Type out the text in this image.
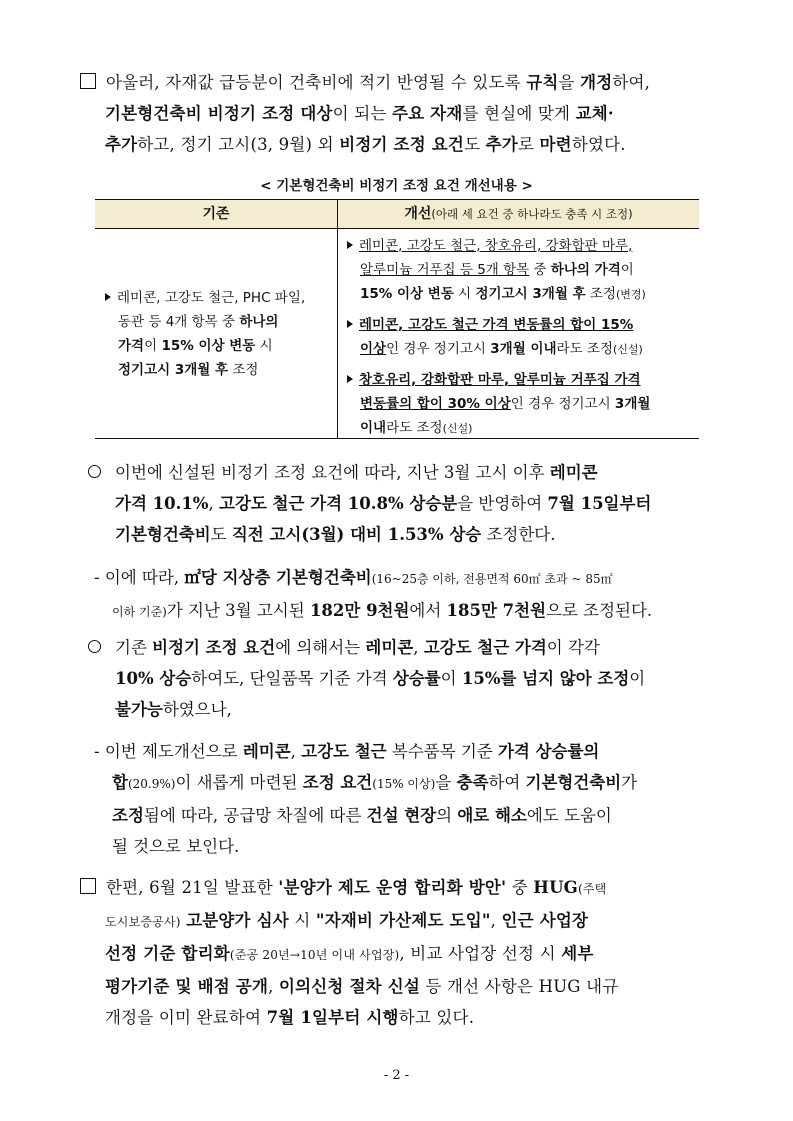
아울러, 자재값 급등분이 건축비에 적기 반영될 수 있도록 규칙을 개정하여,
기본형건축비 비정기 조정 대상이 되는 주요 자재를 현실에 맞게 교체·
추가하고, 정기 고시(3, 9월) 외 비정기 조정 요건도 추가로 마련하였다.
< 기본형건축비 비정기 조정 요건 개선내용 >
기존	개선(아래 세 요건 중 하나라도 충족 시 조정)
레미콘, 고강도 철근, PHC 파일,
동관 등 4개 항목 중 하나의
가격이 15% 이상 변동 시
정기고시 3개월 후 조정
레미콘, 고강도 철근, 창호유리, 강화합판 마루,
알루미늄 거푸집 등 5개 항목 중 하나의 가격이
15% 이상 변동 시 정기고시 3개월 후 조정(변경)
레미콘, 고강도 철근 가격 변동률의 합이 15%
이상인 경우 정기고시 3개월 이내라도 조정(신설)
창호유리, 강화합판 마루, 알루미늄 거푸집 가격
변동률의 합이 30% 이상인 경우 정기고시 3개월
이내라도 조정(신설)
이번에 신설된 비정기 조정 요건에 따라, 지난 3월 고시 이후 레미콘
가격 10.1%, 고강도 철근 가격 10.8% 상승분을 반영하여 7월 15일부터
기본형건축비도 직전 고시(3월) 대비 1.53% 상승 조정한다.
- 이에 따라, ㎡당 지상층 기본형건축비(16~25층 이하, 전용면적 60㎡ 초과 ~ 85㎡
이하 기준)가 지난 3월 고시된 182만 9천원에서 185만 7천원으로 조정된다.
기존 비정기 조정 요건에 의해서는 레미콘, 고강도 철근 가격이 각각
10% 상승하여도, 단일품목 기준 가격 상승률이 15%를 넘지 않아 조정이
불가능하였으나,
- 이번 제도개선으로 레미콘, 고강도 철근 복수품목 기준 가격 상승률의
합(20.9%)이 새롭게 마련된 조정 요건(15% 이상)을 충족하여 기본형건축비가
조정됨에 따라, 공급망 차질에 따른 건설 현장의 애로 해소에도 도움이
될 것으로 보인다.
한편, 6월 21일 발표한 '분양가 제도 운영 합리화 방안' 중 HUG(주택
도시보증공사) 고분양가 심사 시 "자재비 가산제도 도입", 인근 사업장
선정 기준 합리화(준공 20년→10년 이내 사업장), 비교 사업장 선정 시 세부
평가기준 및 배점 공개, 이의신청 절차 신설 등 개선 사항은 HUG 내규
개정을 이미 완료하여 7월 1일부터 시행하고 있다.
- 2 -
